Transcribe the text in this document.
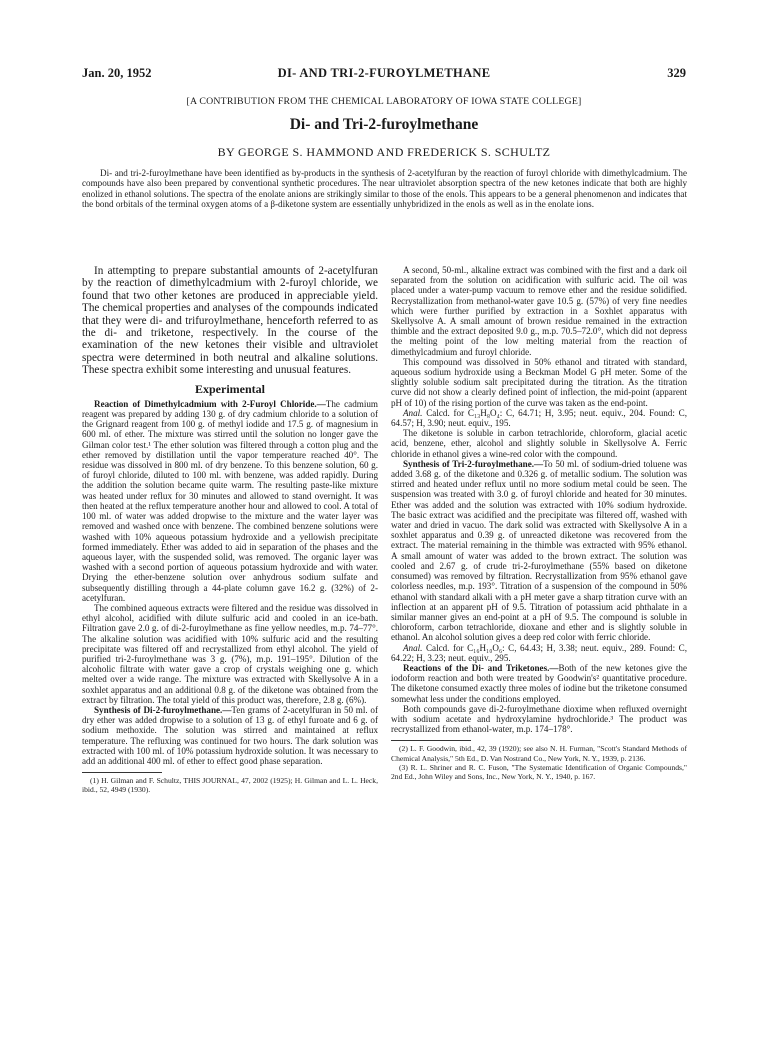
Jan. 20, 1952	DI- AND TRI-2-FUROYLMETHANE	329
[A CONTRIBUTION FROM THE CHEMICAL LABORATORY OF IOWA STATE COLLEGE]
Di- and Tri-2-furoylmethane
BY GEORGE S. HAMMOND AND FREDERICK S. SCHULTZ

Di- and tri-2-furoylmethane have been identified as by-products in the synthesis of 2-acetylfuran by the reaction of furoyl chloride with dimethylcadmium. The compounds have also been prepared by conventional synthetic procedures. The near ultraviolet absorption spectra of the new ketones indicate that both are highly enolized in ethanol solutions. The spectra of the enolate anions are strikingly similar to those of the enols. This appears to be a general phenomenon and indicates that the bond orbitals of the terminal oxygen atoms of a β-diketone system are essentially unhybridized in the enols as well as in the enolate ions.

In attempting to prepare substantial amounts of 2-acetylfuran by the reaction of dimethylcadmium with 2-furoyl chloride, we found that two other ketones are produced in appreciable yield. The chemical properties and analyses of the compounds indicated that they were di- and trifuroylmethane, henceforth referred to as the di- and triketone, respectively. In the course of the examination of the new ketones their visible and ultraviolet spectra were determined in both neutral and alkaline solutions. These spectra exhibit some interesting and unusual features.

Experimental

Reaction of Dimethylcadmium with 2-Furoyl Chloride.—The cadmium reagent was prepared by adding 130 g. of dry cadmium chloride to a solution of the Grignard reagent from 100 g. of methyl iodide and 17.5 g. of magnesium in 600 ml. of ether. The mixture was stirred until the solution no longer gave the Gilman color test.¹ The ether solution was filtered through a cotton plug and the ether removed by distillation until the vapor temperature reached 40°. The residue was dissolved in 800 ml. of dry benzene. To this benzene solution, 60 g. of furoyl chloride, diluted to 100 ml. with benzene, was added rapidly. During the addition the solution became quite warm. The resulting paste-like mixture was heated under reflux for 30 minutes and allowed to stand overnight. It was then heated at the reflux temperature another hour and allowed to cool. A total of 100 ml. of water was added dropwise to the mixture and the water layer was removed and washed once with benzene. The combined benzene solutions were washed with 10% aqueous potassium hydroxide and a yellowish precipitate formed immediately. Ether was added to aid in separation of the phases and the aqueous layer, with the suspended solid, was removed. The organic layer was washed with a second portion of aqueous potassium hydroxide and with water. Drying the ether-benzene solution over anhydrous sodium sulfate and subsequently distilling through a 44-plate column gave 16.2 g. (32%) of 2-acetylfuran.

The combined aqueous extracts were filtered and the residue was dissolved in ethyl alcohol, acidified with dilute sulfuric acid and cooled in an ice-bath. Filtration gave 2.0 g. of di-2-furoylmethane as fine yellow needles, m.p. 74–77°. The alkaline solution was acidified with 10% sulfuric acid and the resulting precipitate was filtered off and recrystallized from ethyl alcohol. The yield of purified tri-2-furoylmethane was 3 g. (7%), m.p. 191–195°. Dilution of the alcoholic filtrate with water gave a crop of crystals weighing one g. which melted over a wide range. The mixture was extracted with Skellysolve A in a soxhlet apparatus and an additional 0.8 g. of the diketone was obtained from the extract by filtration. The total yield of this product was, therefore, 2.8 g. (6%).

Synthesis of Di-2-furoylmethane.—Ten grams of 2-acetylfuran in 50 ml. of dry ether was added dropwise to a solution of 13 g. of ethyl furoate and 6 g. of sodium methoxide. The solution was stirred and maintained at reflux temperature. The refluxing was continued for two hours. The dark solution was extracted with 100 ml. of 10% potassium hydroxide solution. It was necessary to add an additional 400 ml. of ether to effect good phase separation.

(1) H. Gilman and F. Schultz, THIS JOURNAL, 47, 2002 (1925); H. Gilman and L. L. Heck, ibid., 52, 4949 (1930).

A second, 50-ml., alkaline extract was combined with the first and a dark oil separated from the solution on acidification with sulfuric acid. The oil was placed under a water-pump vacuum to remove ether and the residue solidified. Recrystallization from methanol-water gave 10.5 g. (57%) of very fine needles which were further purified by extraction in a Soxhlet apparatus with Skellysolve A. A small amount of brown residue remained in the extraction thimble and the extract deposited 9.0 g., m.p. 70.5–72.0°, which did not depress the melting point of the low melting material from the reaction of dimethylcadmium and furoyl chloride.

This compound was dissolved in 50% ethanol and titrated with standard, aqueous sodium hydroxide using a Beckman Model G pH meter. Some of the slightly soluble sodium salt precipitated during the titration. As the titration curve did not show a clearly defined point of inflection, the mid-point (apparent pH of 10) of the rising portion of the curve was taken as the end-point.

Anal. Calcd. for C₁₃H₈O₄: C, 64.71; H, 3.95; neut. equiv., 204. Found: C, 64.57; H, 3.90; neut. equiv., 195.

The diketone is soluble in carbon tetrachloride, chloroform, glacial acetic acid, benzene, ether, alcohol and slightly soluble in Skellysolve A. Ferric chloride in ethanol gives a wine-red color with the compound.

Synthesis of Tri-2-furoylmethane.—To 50 ml. of sodium-dried toluene was added 3.68 g. of the diketone and 0.326 g. of metallic sodium. The solution was stirred and heated under reflux until no more sodium metal could be seen. The suspension was treated with 3.0 g. of furoyl chloride and heated for 30 minutes. Ether was added and the solution was extracted with 10% sodium hydroxide. The basic extract was acidified and the precipitate was filtered off, washed with water and dried in vacuo. The dark solid was extracted with Skellysolve A in a soxhlet apparatus and 0.39 g. of unreacted diketone was recovered from the extract. The material remaining in the thimble was extracted with 95% ethanol. A small amount of water was added to the brown extract. The solution was cooled and 2.67 g. of crude tri-2-furoylmethane (55% based on diketone consumed) was removed by filtration. Recrystallization from 95% ethanol gave colorless needles, m.p. 193°. Titration of a suspension of the compound in 50% ethanol with standard alkali with a pH meter gave a sharp titration curve with an inflection at an apparent pH of 9.5. Titration of potassium acid phthalate in a similar manner gives an end-point at a pH of 9.5. The compound is soluble in chloroform, carbon tetrachloride, dioxane and ether and is slightly soluble in ethanol. An alcohol solution gives a deep red color with ferric chloride.

Anal. Calcd. for C₁₆H₁₀O₆: C, 64.43; H, 3.38; neut. equiv., 289. Found: C, 64.22; H, 3.23; neut. equiv., 295.

Reactions of the Di- and Triketones.—Both of the new ketones give the iodoform reaction and both were treated by Goodwin's² quantitative procedure. The diketone consumed exactly three moles of iodine but the triketone consumed somewhat less under the conditions employed.

Both compounds gave di-2-furoylmethane dioxime when refluxed overnight with sodium acetate and hydroxylamine hydrochloride.³ The product was recrystallized from ethanol-water, m.p. 174–178°.

(2) L. F. Goodwin, ibid., 42, 39 (1920); see also N. H. Furman, "Scott's Standard Methods of Chemical Analysis," 5th Ed., D. Van Nostrand Co., New York, N. Y., 1939, p. 2136.

(3) R. L. Shriner and R. C. Fuson, "The Systematic Identification of Organic Compounds," 2nd Ed., John Wiley and Sons, Inc., New York, N. Y., 1940, p. 167.
